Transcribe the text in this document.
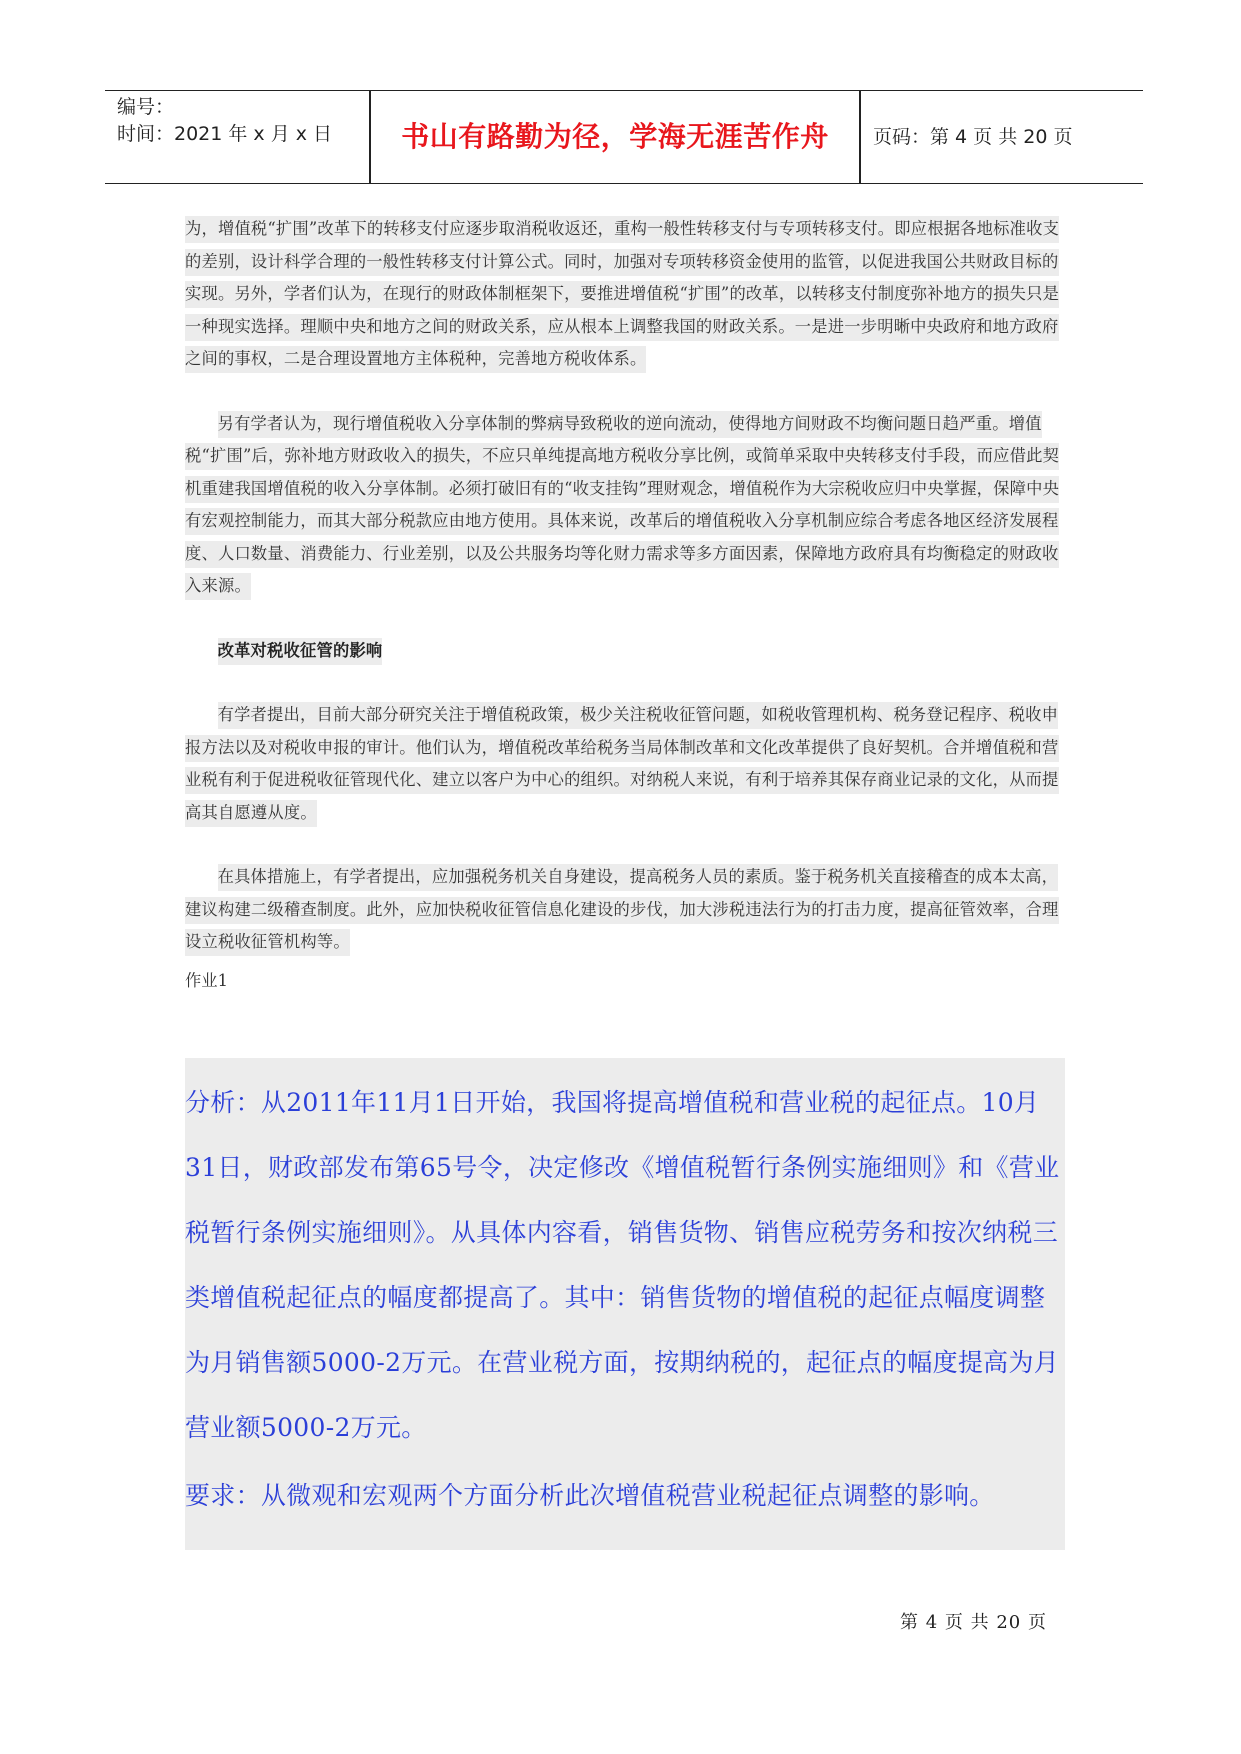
编号：
时间：2021 年 x 月 x 日	书山有路勤为径，学海无涯苦作舟	页码：第 4 页 共 20 页

为，增值税“扩围”改革下的转移支付应逐步取消税收返还，重构一般性转移支付与专项转移支付。即应根据各地标准收支的差别，设计科学合理的一般性转移支付计算公式。同时，加强对专项转移资金使用的监管，以促进我国公共财政目标的实现。另外，学者们认为，在现行的财政体制框架下，要推进增值税“扩围”的改革，以转移支付制度弥补地方的损失只是一种现实选择。理顺中央和地方之间的财政关系，应从根本上调整我国的财政关系。一是进一步明晰中央政府和地方政府之间的事权，二是合理设置地方主体税种，完善地方税收体系。

另有学者认为，现行增值税收入分享体制的弊病导致税收的逆向流动，使得地方间财政不均衡问题日趋严重。增值税“扩围”后，弥补地方财政收入的损失，不应只单纯提高地方税收分享比例，或简单采取中央转移支付手段，而应借此契机重建我国增值税的收入分享体制。必须打破旧有的“收支挂钩”理财观念，增值税作为大宗税收应归中央掌握，保障中央有宏观控制能力，而其大部分税款应由地方使用。具体来说，改革后的增值税收入分享机制应综合考虑各地区经济发展程度、人口数量、消费能力、行业差别，以及公共服务均等化财力需求等多方面因素，保障地方政府具有均衡稳定的财政收入来源。

改革对税收征管的影响

有学者提出，目前大部分研究关注于增值税政策，极少关注税收征管问题，如税收管理机构、税务登记程序、税收申报方法以及对税收申报的审计。他们认为，增值税改革给税务当局体制改革和文化改革提供了良好契机。合并增值税和营业税有利于促进税收征管现代化、建立以客户为中心的组织。对纳税人来说，有利于培养其保存商业记录的文化，从而提高其自愿遵从度。

在具体措施上，有学者提出，应加强税务机关自身建设，提高税务人员的素质。鉴于税务机关直接稽查的成本太高，建议构建二级稽查制度。此外，应加快税收征管信息化建设的步伐，加大涉税违法行为的打击力度，提高征管效率，合理设立税收征管机构等。

作业1

分析：从2011年11月1日开始，我国将提高增值税和营业税的起征点。10月31日，财政部发布第65号令，决定修改《增值税暂行条例实施细则》和《营业税暂行条例实施细则》。从具体内容看，销售货物、销售应税劳务和按次纳税三类增值税起征点的幅度都提高了。其中：销售货物的增值税的起征点幅度调整为月销售额5000-2万元。在营业税方面，按期纳税的，起征点的幅度提高为月营业额5000-2万元。

要求：从微观和宏观两个方面分析此次增值税营业税起征点调整的影响。

第 4 页 共 20 页
